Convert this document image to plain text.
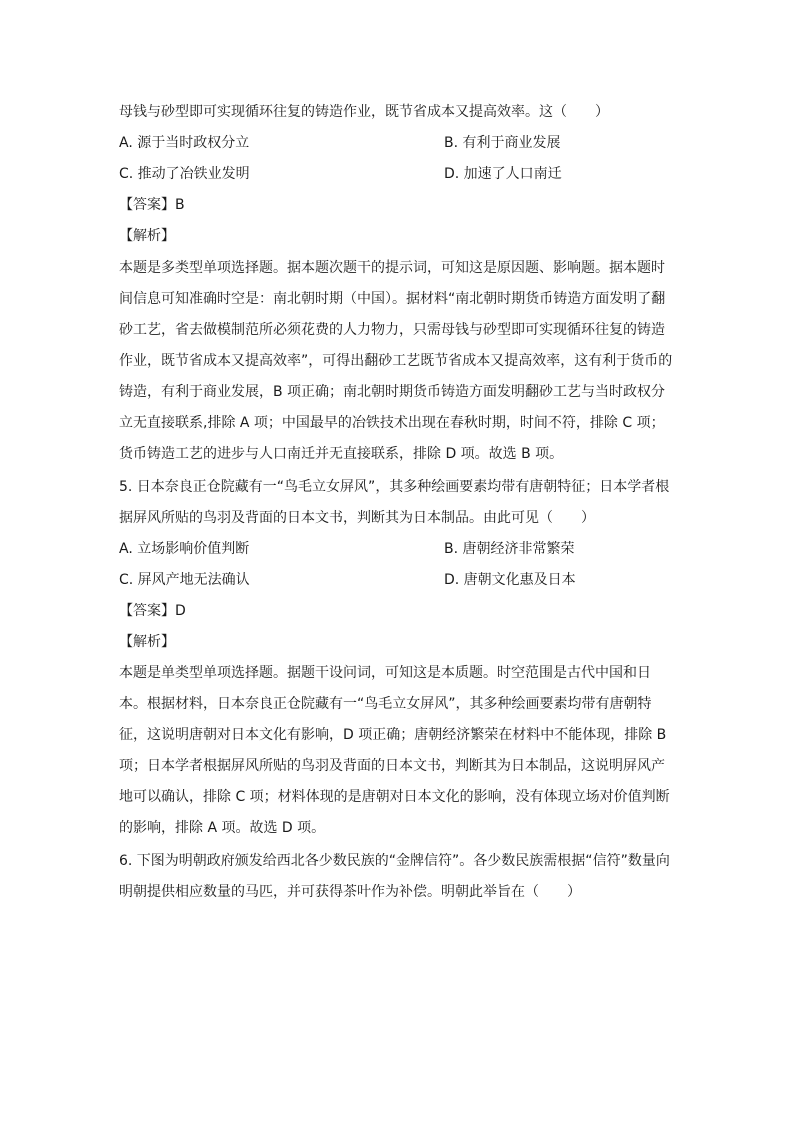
母钱与砂型即可实现循环往复的铸造作业，既节省成本又提高效率。这（　　）
A. 源于当时政权分立	B. 有利于商业发展
C. 推动了冶铁业发明	D. 加速了人口南迁
【答案】B
【解析】
本题是多类型单项选择题。据本题次题干的提示词，可知这是原因题、影响题。据本题时
间信息可知准确时空是：南北朝时期（中国）。据材料“南北朝时期货币铸造方面发明了翻
砂工艺，省去做模制范所必须花费的人力物力，只需母钱与砂型即可实现循环往复的铸造
作业，既节省成本又提高效率”，可得出翻砂工艺既节省成本又提高效率，这有利于货币的
铸造，有利于商业发展，B 项正确；南北朝时期货币铸造方面发明翻砂工艺与当时政权分
立无直接联系,排除 A 项；中国最早的冶铁技术出现在春秋时期，时间不符，排除 C 项；
货币铸造工艺的进步与人口南迁并无直接联系，排除 D 项。故选 B 项。
5. 日本奈良正仓院藏有一“鸟毛立女屏风”，其多种绘画要素均带有唐朝特征；日本学者根
据屏风所贴的鸟羽及背面的日本文书，判断其为日本制品。由此可见（　　）
A. 立场影响价值判断	B. 唐朝经济非常繁荣
C. 屏风产地无法确认	D. 唐朝文化惠及日本
【答案】D
【解析】
本题是单类型单项选择题。据题干设问词，可知这是本质题。时空范围是古代中国和日
本。根据材料，日本奈良正仓院藏有一“鸟毛立女屏风”，其多种绘画要素均带有唐朝特
征，这说明唐朝对日本文化有影响，D 项正确；唐朝经济繁荣在材料中不能体现，排除 B
项；日本学者根据屏风所贴的鸟羽及背面的日本文书，判断其为日本制品，这说明屏风产
地可以确认，排除 C 项；材料体现的是唐朝对日本文化的影响，没有体现立场对价值判断
的影响，排除 A 项。故选 D 项。
6. 下图为明朝政府颁发给西北各少数民族的“金牌信符”。各少数民族需根据“信符”数量向
明朝提供相应数量的马匹，并可获得茶叶作为补偿。明朝此举旨在（　　）
